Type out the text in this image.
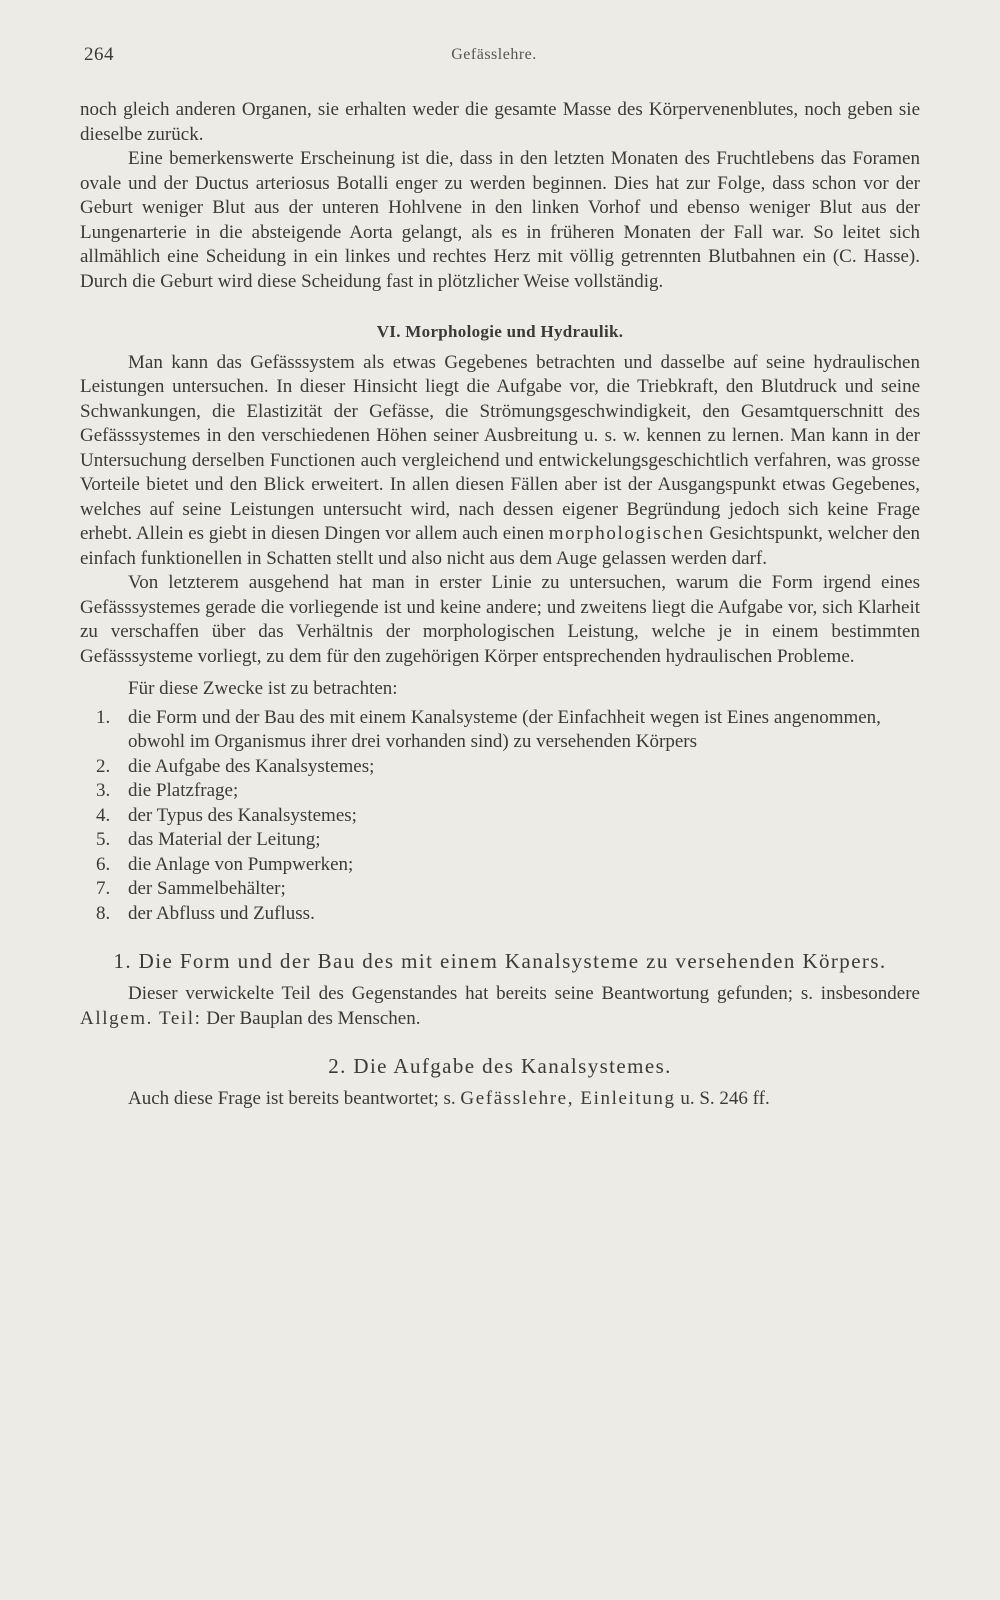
264	Gefässlehre.

noch gleich anderen Organen, sie erhalten weder die gesamte Masse des Körpervenenblutes, noch geben sie dieselbe zurück.

Eine bemerkenswerte Erscheinung ist die, dass in den letzten Monaten des Fruchtlebens das Foramen ovale und der Ductus arteriosus Botalli enger zu werden beginnen. Dies hat zur Folge, dass schon vor der Geburt weniger Blut aus der unteren Hohlvene in den linken Vorhof und ebenso weniger Blut aus der Lungenarterie in die absteigende Aorta gelangt, als es in früheren Monaten der Fall war. So leitet sich allmählich eine Scheidung in ein linkes und rechtes Herz mit völlig getrennten Blutbahnen ein (C. Hasse). Durch die Geburt wird diese Scheidung fast in plötzlicher Weise vollständig.

VI. Morphologie und Hydraulik.

Man kann das Gefässsystem als etwas Gegebenes betrachten und dasselbe auf seine hydraulischen Leistungen untersuchen. In dieser Hinsicht liegt die Aufgabe vor, die Triebkraft, den Blutdruck und seine Schwankungen, die Elastizität der Gefässe, die Strömungsgeschwindigkeit, den Gesamtquerschnitt des Gefässsystemes in den verschiedenen Höhen seiner Ausbreitung u. s. w. kennen zu lernen. Man kann in der Untersuchung derselben Functionen auch vergleichend und entwickelungsgeschichtlich verfahren, was grosse Vorteile bietet und den Blick erweitert. In allen diesen Fällen aber ist der Ausgangspunkt etwas Gegebenes, welches auf seine Leistungen untersucht wird, nach dessen eigener Begründung jedoch sich keine Frage erhebt. Allein es giebt in diesen Dingen vor allem auch einen morphologischen Gesichtspunkt, welcher den einfach funktionellen in Schatten stellt und also nicht aus dem Auge gelassen werden darf.

Von letzterem ausgehend hat man in erster Linie zu untersuchen, warum die Form irgend eines Gefässsystemes gerade die vorliegende ist und keine andere; und zweitens liegt die Aufgabe vor, sich Klarheit zu verschaffen über das Verhältnis der morphologischen Leistung, welche je in einem bestimmten Gefässsysteme vorliegt, zu dem für den zugehörigen Körper entsprechenden hydraulischen Probleme.

Für diese Zwecke ist zu betrachten:

1. die Form und der Bau des mit einem Kanalsysteme (der Einfachheit wegen ist Eines angenommen, obwohl im Organismus ihrer drei vorhanden sind) zu versehenden Körpers
2. die Aufgabe des Kanalsystemes;
3. die Platzfrage;
4. der Typus des Kanalsystemes;
5. das Material der Leitung;
6. die Anlage von Pumpwerken;
7. der Sammelbehälter;
8. der Abfluss und Zufluss.
1. Die Form und der Bau des mit einem Kanalsysteme zu versehenden Körpers.

Dieser verwickelte Teil des Gegenstandes hat bereits seine Beantwortung gefunden; s. insbesondere Allgem. Teil: Der Bauplan des Menschen.

2. Die Aufgabe des Kanalsystemes.

Auch diese Frage ist bereits beantwortet; s. Gefässlehre, Einleitung u. S. 246 ff.
